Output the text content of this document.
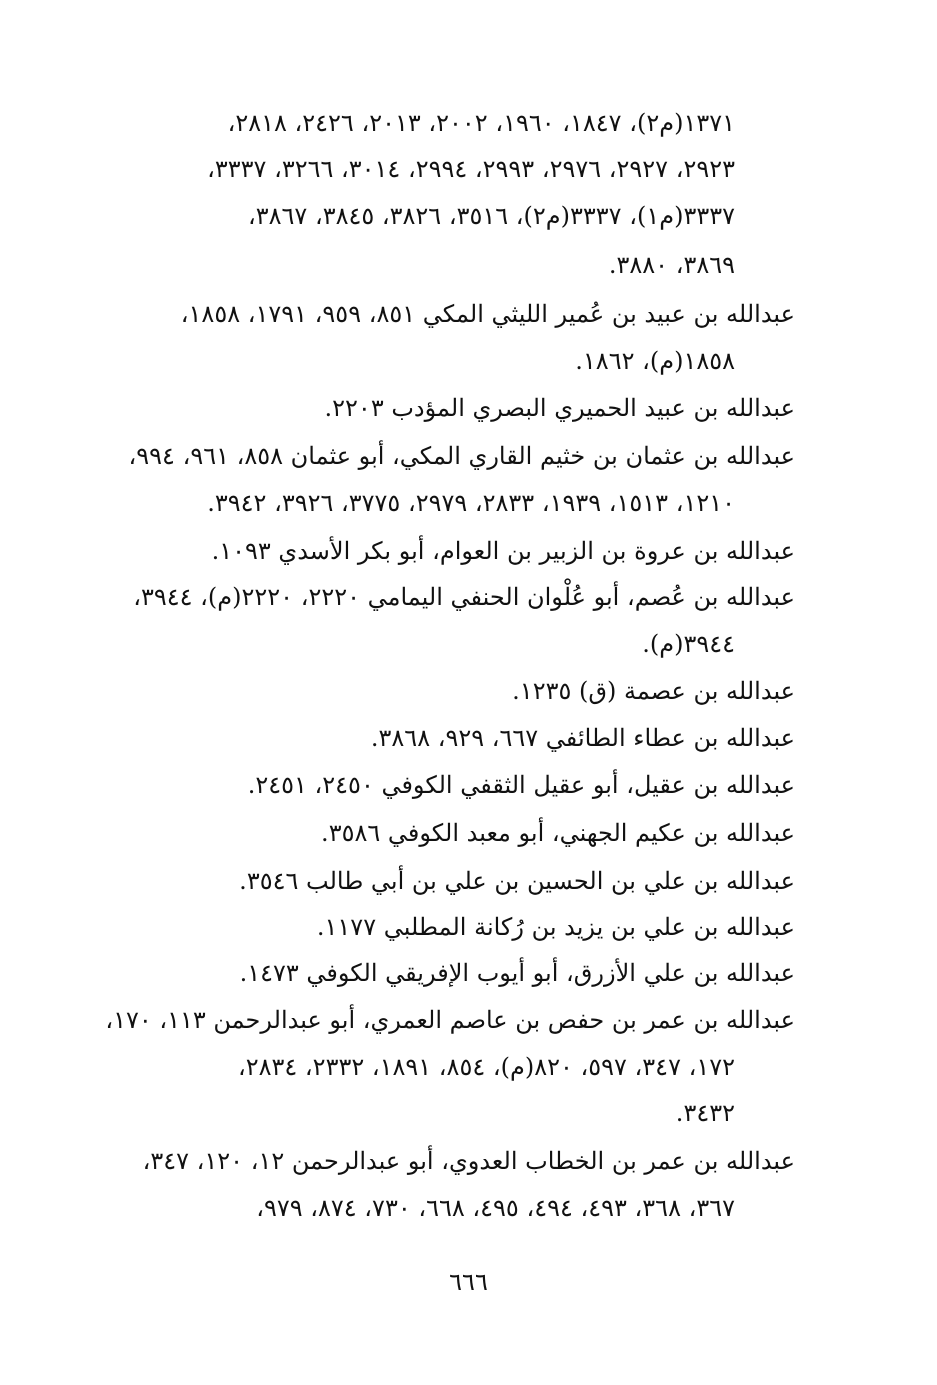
١٣٧١(م٢)، ١٨٤٧، ١٩٦٠، ٢٠٠٢، ٢٠١٣، ٢٤٢٦، ٢٨١٨،
٢٩٢٣، ٢٩٢٧، ٢٩٧٦، ٢٩٩٣، ٢٩٩٤، ٣٠١٤، ٣٢٦٦، ٣٣٣٧،
٣٣٣٧(م١)، ٣٣٣٧(م٢)، ٣٥١٦، ٣٨٢٦، ٣٨٤٥، ٣٨٦٧،
٣٨٦٩، ٣٨٨٠.
عبدالله بن عبيد بن عُمير الليثي المكي ٨٥١، ٩٥٩، ١٧٩١، ١٨٥٨،
١٨٥٨(م)، ١٨٦٢.
عبدالله بن عبيد الحميري البصري المؤدب ٢٢٠٣.
عبدالله بن عثمان بن خثيم القاري المكي، أبو عثمان ٨٥٨، ٩٦١، ٩٩٤،
١٢١٠، ١٥١٣، ١٩٣٩، ٢٨٣٣، ٢٩٧٩، ٣٧٧٥، ٣٩٢٦، ٣٩٤٢.
عبدالله بن عروة بن الزبير بن العوام، أبو بكر الأسدي ١٠٩٣.
عبدالله بن عُصم، أبو عُلْوان الحنفي اليمامي ٢٢٢٠، ٢٢٢٠(م)، ٣٩٤٤،
٣٩٤٤(م).
عبدالله بن عصمة (ق) ١٢٣٥.
عبدالله بن عطاء الطائفي ٦٦٧، ٩٢٩، ٣٨٦٨.
عبدالله بن عقيل، أبو عقيل الثقفي الكوفي ٢٤٥٠، ٢٤٥١.
عبدالله بن عكيم الجهني، أبو معبد الكوفي ٣٥٨٦.
عبدالله بن علي بن الحسين بن علي بن أبي طالب ٣٥٤٦.
عبدالله بن علي بن يزيد بن رُكانة المطلبي ١١٧٧.
عبدالله بن علي الأزرق، أبو أيوب الإفريقي الكوفي ١٤٧٣.
عبدالله بن عمر بن حفص بن عاصم العمري، أبو عبدالرحمن ١١٣، ١٧٠،
١٧٢، ٣٤٧، ٥٩٧، ٨٢٠(م)، ٨٥٤، ١٨٩١، ٢٣٣٢، ٢٨٣٤،
٣٤٣٢.
عبدالله بن عمر بن الخطاب العدوي، أبو عبدالرحمن ١٢، ١٢٠، ٣٤٧،
٣٦٧، ٣٦٨، ٤٩٣، ٤٩٤، ٤٩٥، ٦٦٨، ٧٣٠، ٨٧٤، ٩٧٩،
٦٦٦
